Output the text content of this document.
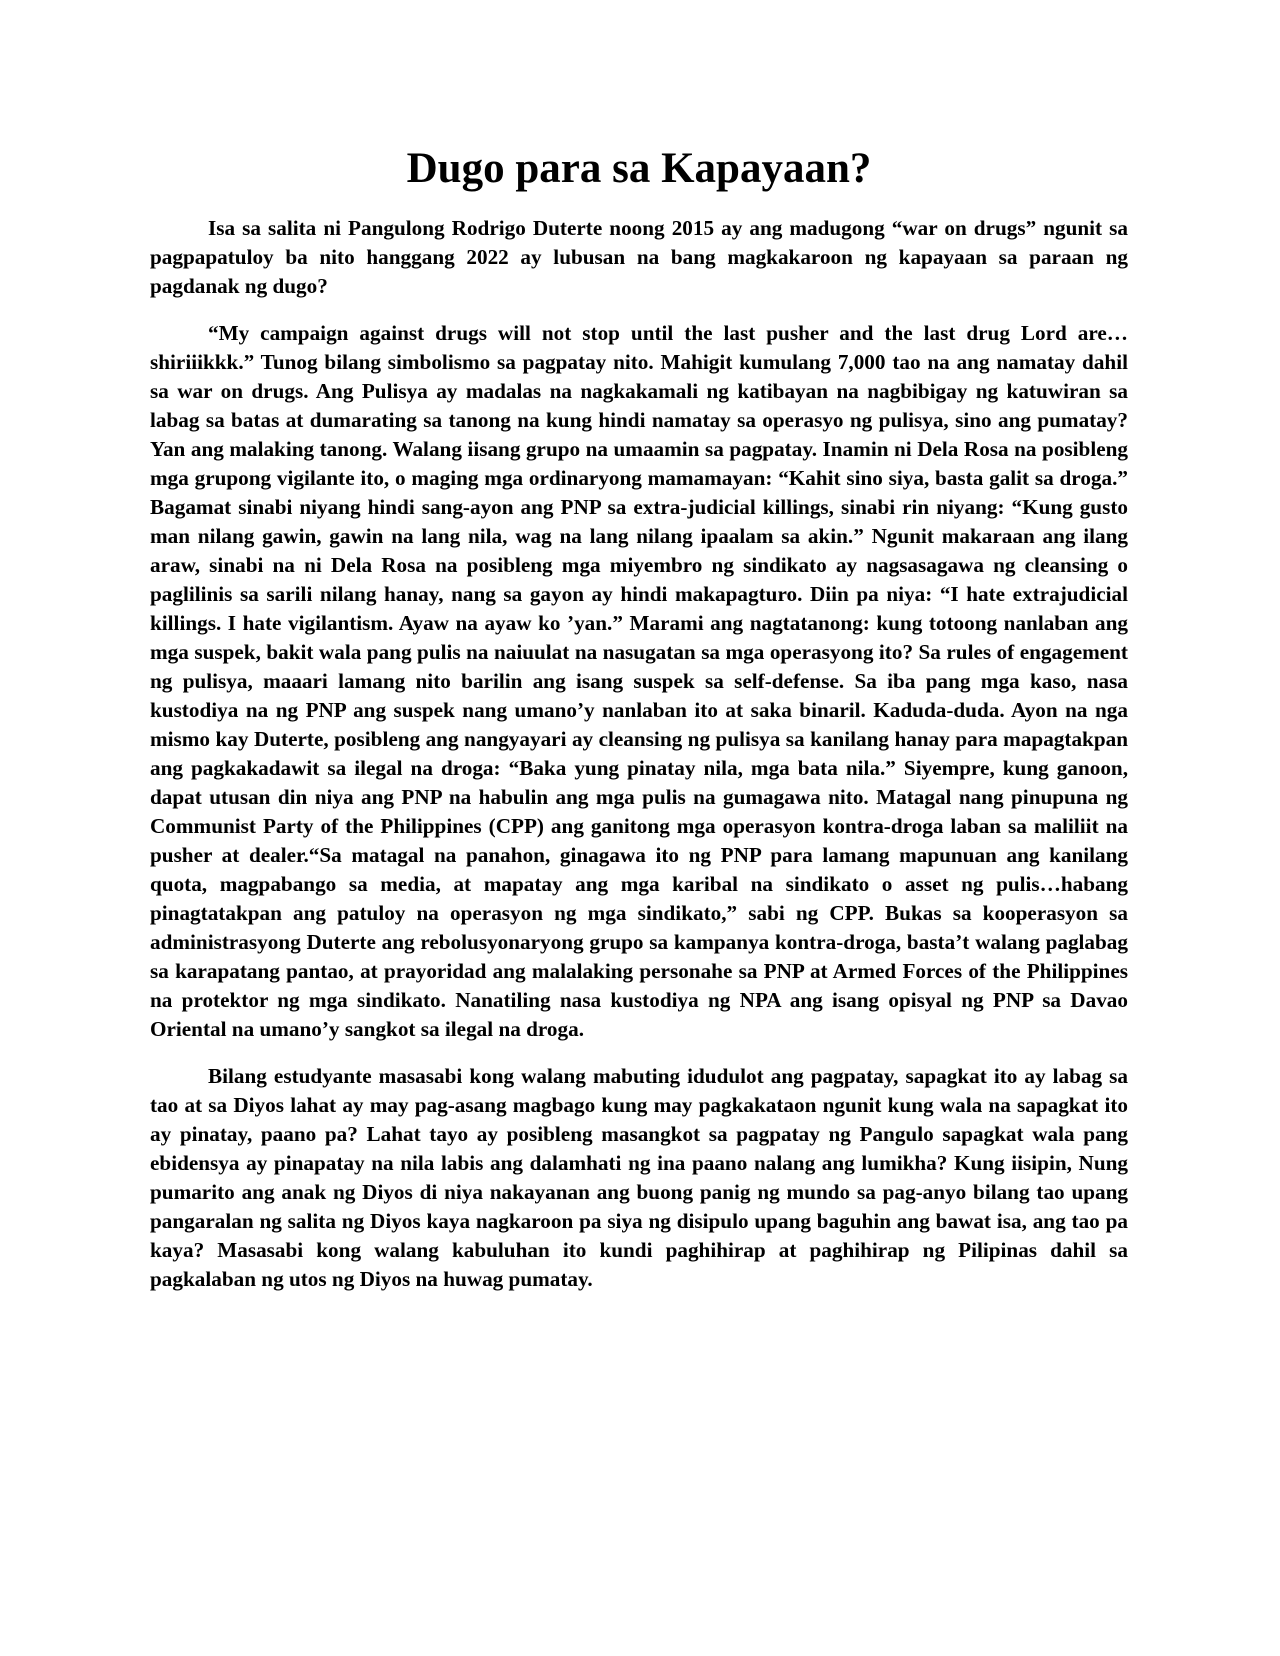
Dugo para sa Kapayaan?

Isa sa salita ni Pangulong Rodrigo Duterte noong 2015 ay ang madugong “war on drugs” ngunit sa pagpapatuloy ba nito hanggang 2022 ay lubusan na bang magkakaroon ng kapayaan sa paraan ng pagdanak ng dugo?

“My campaign against drugs will not stop until the last pusher and the last drug Lord are… shiriiikkk.” Tunog bilang simbolismo sa pagpatay nito. Mahigit kumulang 7,000 tao na ang namatay dahil sa war on drugs. Ang Pulisya ay madalas na nagkakamali ng katibayan na nagbibigay ng katuwiran sa labag sa batas at dumarating sa tanong na kung hindi namatay sa operasyo ng pulisya, sino ang pumatay? Yan ang malaking tanong. Walang iisang grupo na umaamin sa pagpatay. Inamin ni Dela Rosa na posibleng mga grupong vigilante ito, o maging mga ordinaryong mamamayan: “Kahit sino siya, basta galit sa droga.” Bagamat sinabi niyang hindi sang-ayon ang PNP sa extra-judicial killings, sinabi rin niyang: “Kung gusto man nilang gawin, gawin na lang nila, wag na lang nilang ipaalam sa akin.” Ngunit makaraan ang ilang araw, sinabi na ni Dela Rosa na posibleng mga miyembro ng sindikato ay nagsasagawa ng cleansing o paglilinis sa sarili nilang hanay, nang sa gayon ay hindi makapagturo. Diin pa niya: “I hate extrajudicial killings. I hate vigilantism. Ayaw na ayaw ko ’yan.” Marami ang nagtatanong: kung totoong nanlaban ang mga suspek, bakit wala pang pulis na naiuulat na nasugatan sa mga operasyong ito? Sa rules of engagement ng pulisya, maaari lamang nito barilin ang isang suspek sa self-defense. Sa iba pang mga kaso, nasa kustodiya na ng PNP ang suspek nang umano’y nanlaban ito at saka binaril. Kaduda-duda. Ayon na nga mismo kay Duterte, posibleng ang nangyayari ay cleansing ng pulisya sa kanilang hanay para mapagtakpan ang pagkakadawit sa ilegal na droga: “Baka yung pinatay nila, mga bata nila.” Siyempre, kung ganoon, dapat utusan din niya ang PNP na habulin ang mga pulis na gumagawa nito. Matagal nang pinupuna ng Communist Party of the Philippines (CPP) ang ganitong mga operasyon kontra-droga laban sa maliliit na pusher at dealer.“Sa matagal na panahon, ginagawa ito ng PNP para lamang mapunuan ang kanilang quota, magpabango sa media, at mapatay ang mga karibal na sindikato o asset ng pulis…habang pinagtatakpan ang patuloy na operasyon ng mga sindikato,” sabi ng CPP. Bukas sa kooperasyon sa administrasyong Duterte ang rebolusyonaryong grupo sa kampanya kontra-droga, basta’t walang paglabag sa karapatang pantao, at prayoridad ang malalaking personahe sa PNP at Armed Forces of the Philippines na protektor ng mga sindikato. Nanatiling nasa kustodiya ng NPA ang isang opisyal ng PNP sa Davao Oriental na umano’y sangkot sa ilegal na droga.

Bilang estudyante masasabi kong walang mabuting idudulot ang pagpatay, sapagkat ito ay labag sa tao at sa Diyos lahat ay may pag-asang magbago kung may pagkakataon ngunit kung wala na sapagkat ito ay pinatay, paano pa? Lahat tayo ay posibleng masangkot sa pagpatay ng Pangulo sapagkat wala pang ebidensya ay pinapatay na nila labis ang dalamhati ng ina paano nalang ang lumikha? Kung iisipin, Nung pumarito ang anak ng Diyos di niya nakayanan ang buong panig ng mundo sa pag-anyo bilang tao upang pangaralan ng salita ng Diyos kaya nagkaroon pa siya ng disipulo upang baguhin ang bawat isa, ang tao pa kaya? Masasabi kong walang kabuluhan ito kundi paghihirap at paghihirap ng Pilipinas dahil sa pagkalaban ng utos ng Diyos na huwag pumatay.
